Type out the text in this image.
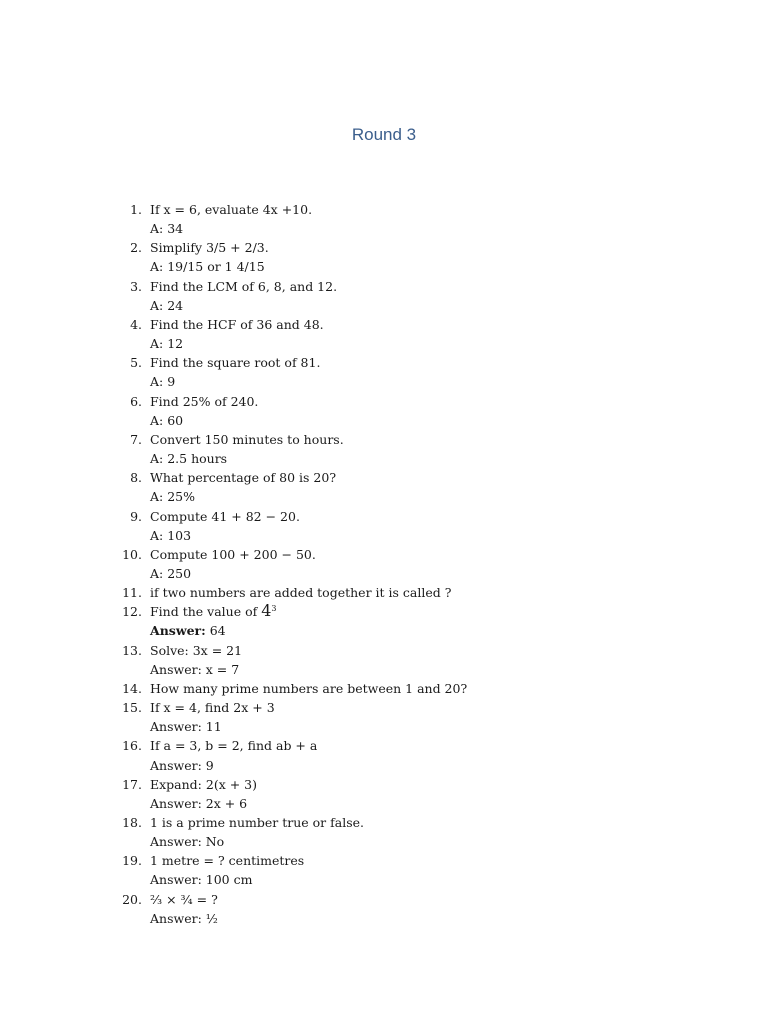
Round 3
1. If x = 6, evaluate 4x +10.
A: 34
2. Simplify 3/5 + 2/3.
A: 19/15 or 1 4/15
3. Find the LCM of 6, 8, and 12.
A: 24
4. Find the HCF of 36 and 48.
A: 12
5. Find the square root of 81.
A: 9
6. Find 25% of 240.
A: 60
7. Convert 150 minutes to hours.
A: 2.5 hours
8. What percentage of 80 is 20?
A: 25%
9. Compute 41 + 82 − 20.
A: 103
10. Compute 100 + 200 − 50.
A: 250
11. if two numbers are added together it is called ?
12. Find the value of $4^3$
Answer: 64
13. Solve: 3x = 21
Answer: x = 7
14. How many prime numbers are between 1 and 20?
15. If x = 4, find 2x + 3
Answer: 11
16. If a = 3, b = 2, find ab + a
Answer: 9
17. Expand: 2(x + 3)
Answer: 2x + 6
18. 1 is a prime number true or false.
Answer: No
19. 1 metre = ? centimetres
Answer: 100 cm
20. ⅔ × ¾ = ?
Answer: ½
